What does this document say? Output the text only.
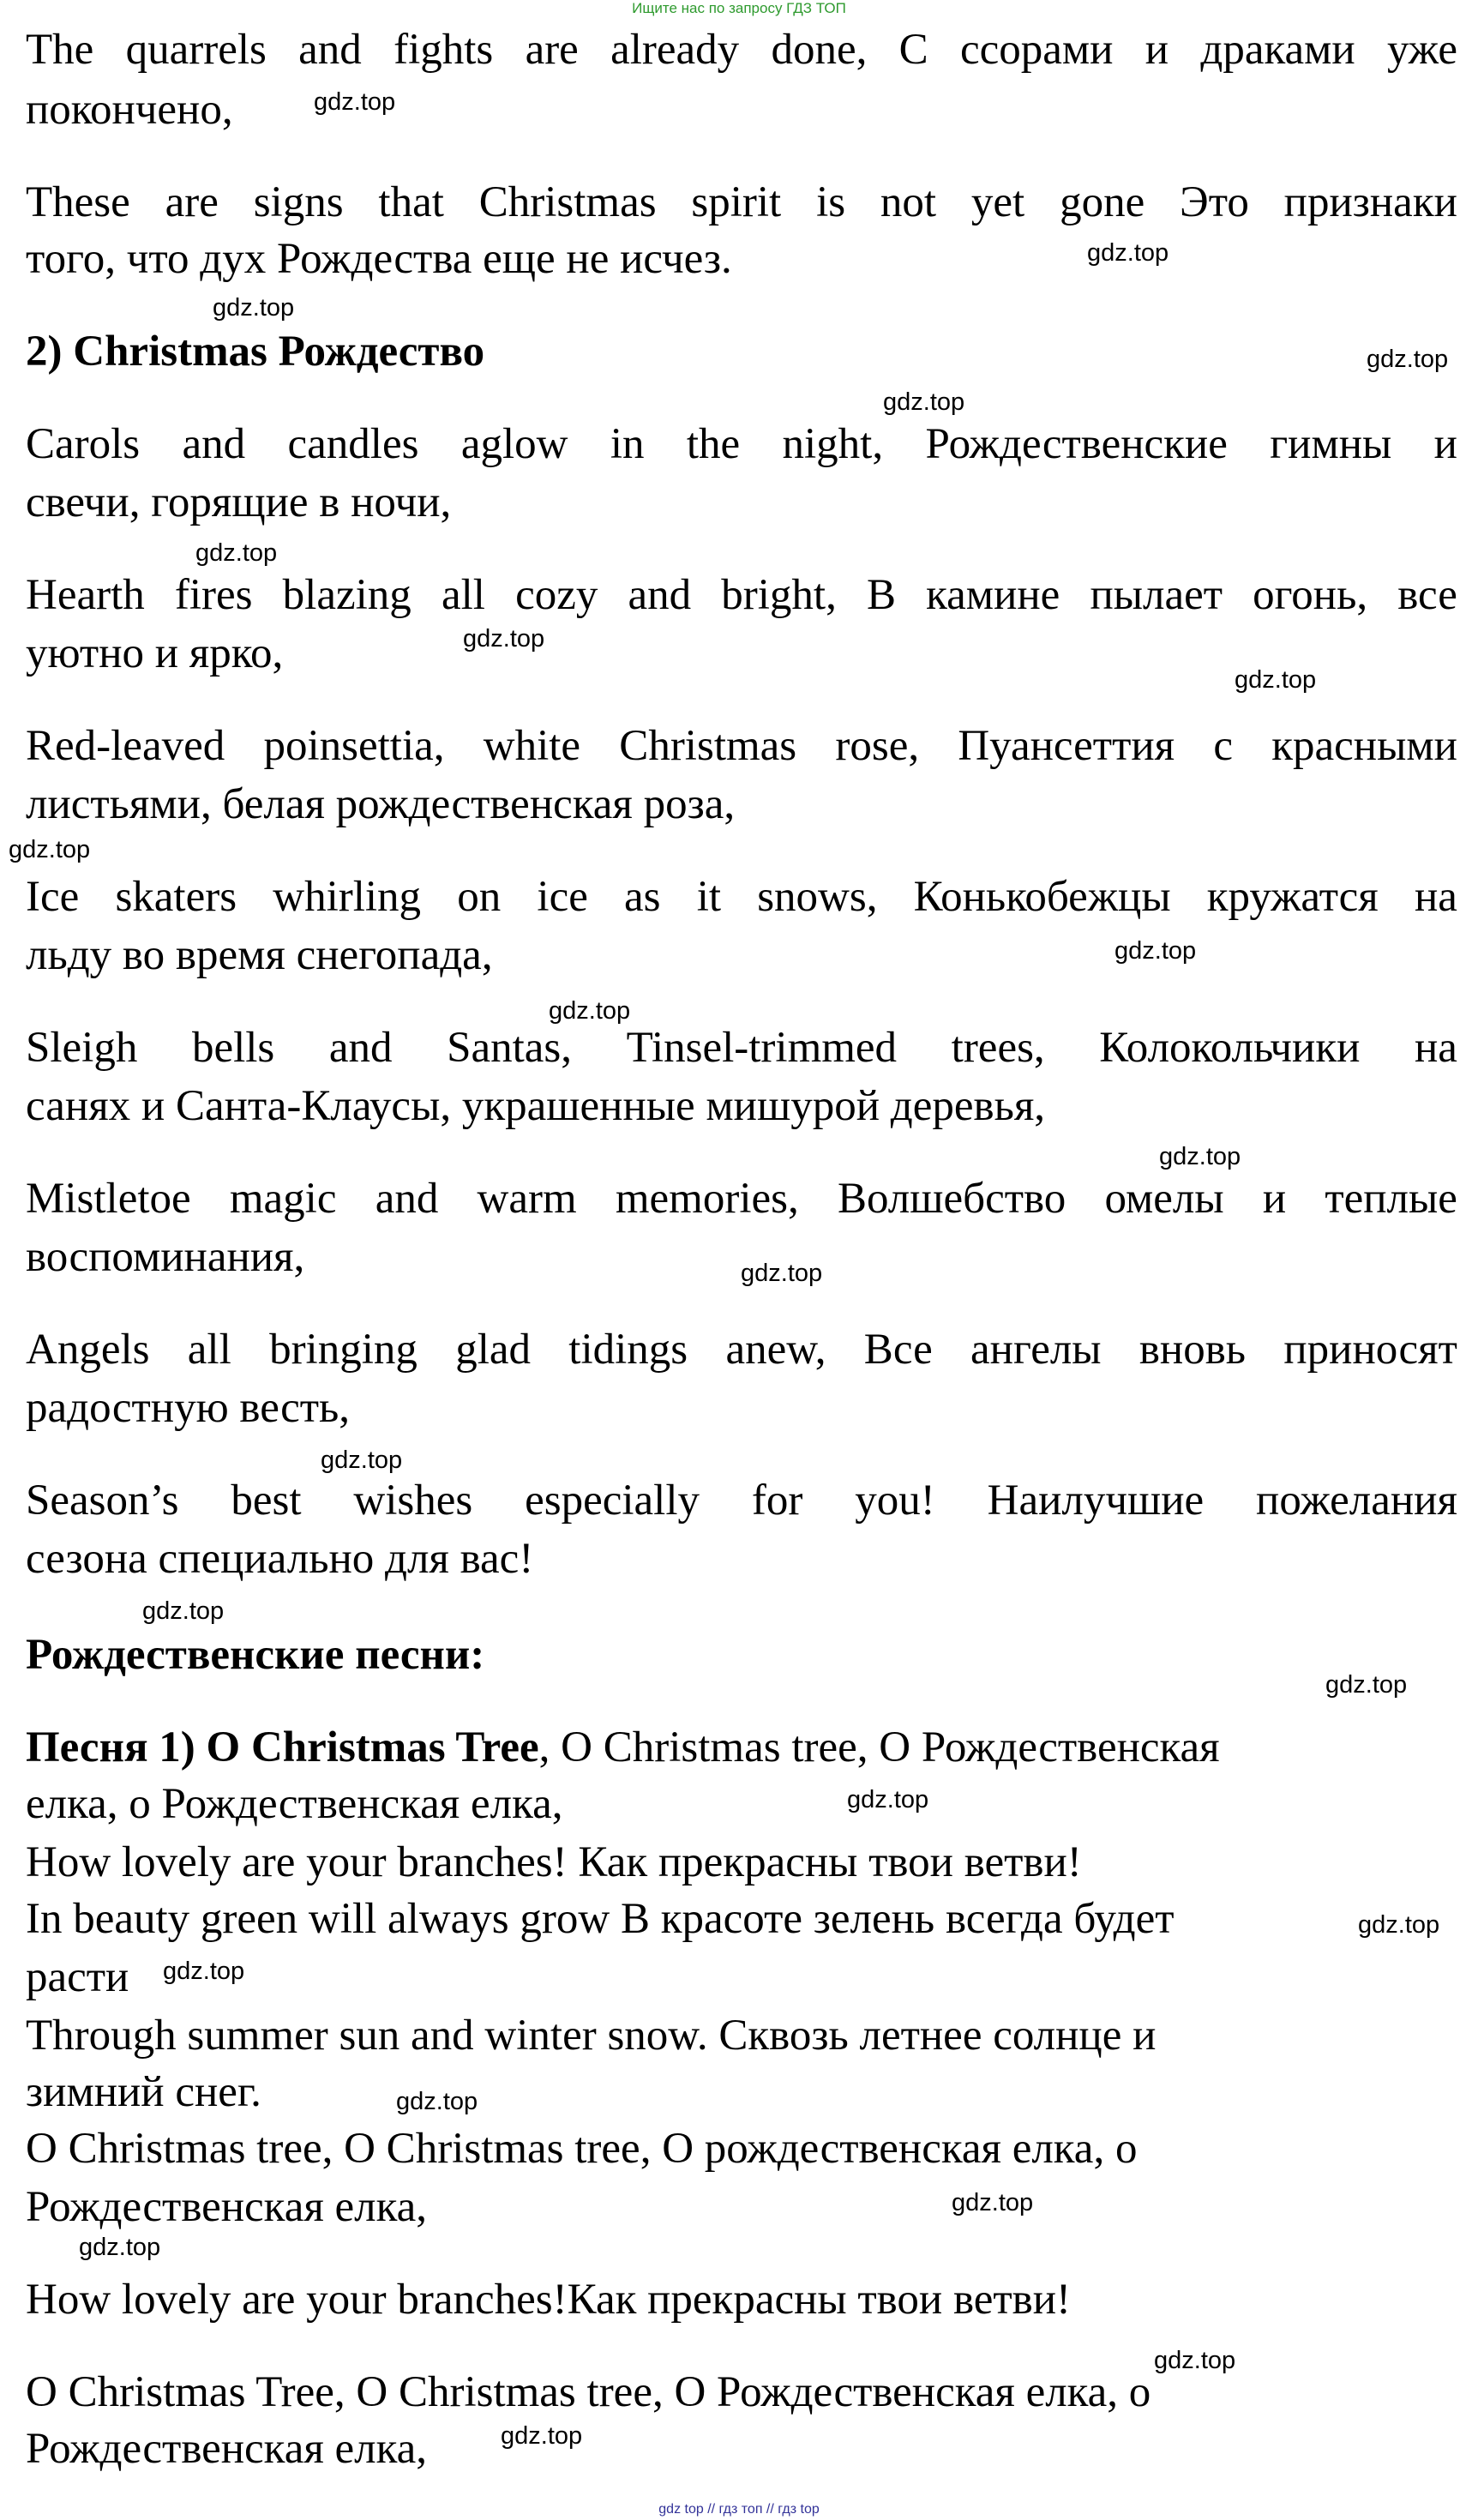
Ищите нас по запросу ГДЗ ТОП

The quarrels and fights are already done, С ссорами и драками уже

покончено,

These are signs that Christmas spirit is not yet gone Это признаки

того, что дух Рождества еще не исчез.

2) Christmas Рождество

Carols and candles aglow in the night, Рождественские гимны и

свечи, горящие в ночи,

Hearth fires blazing all cozy and bright, В камине пылает огонь, все

уютно и ярко,

Red-leaved poinsettia, white Christmas rose, Пуансеттия с красными

листьями, белая рождественская роза,

Ice skaters whirling on ice as it snows, Конькобежцы кружатся на

льду во время снегопада,

Sleigh bells and Santas, Tinsel-trimmed trees, Колокольчики на

санях и Санта-Клаусы, украшенные мишурой деревья,

Mistletoe magic and warm memories, Волшебство омелы и теплые

воспоминания,

Angels all bringing glad tidings anew, Все ангелы вновь приносят

радостную весть,

Season’s best wishes especially for you! Наилучшие пожелания

сезона специально для вас!

Рождественские песни:

Песня 1) O Christmas Tree, O Christmas tree, О Рождественская

елка, о Рождественская елка,

How lovely are your branches! Как прекрасны твои ветви!

In beauty green will always grow В красоте зелень всегда будет

расти

Through summer sun and winter snow. Сквозь летнее солнце и

зимний снег.

O Christmas tree, O Christmas tree, О рождественская елка, о

Рождественская елка,

How lovely are your branches!Как прекрасны твои ветви!

O Christmas Tree, O Christmas tree, О Рождественская елка, о

Рождественская елка,

gdz.top
gdz.top
gdz.top
gdz.top
gdz.top
gdz.top
gdz.top
gdz.top
gdz.top
gdz.top
gdz.top
gdz.top
gdz.top
gdz.top
gdz.top
gdz.top
gdz.top
gdz.top
gdz.top
gdz.top
gdz.top
gdz.top
gdz.top
gdz.top
gdz top // гдз топ // гдз top
